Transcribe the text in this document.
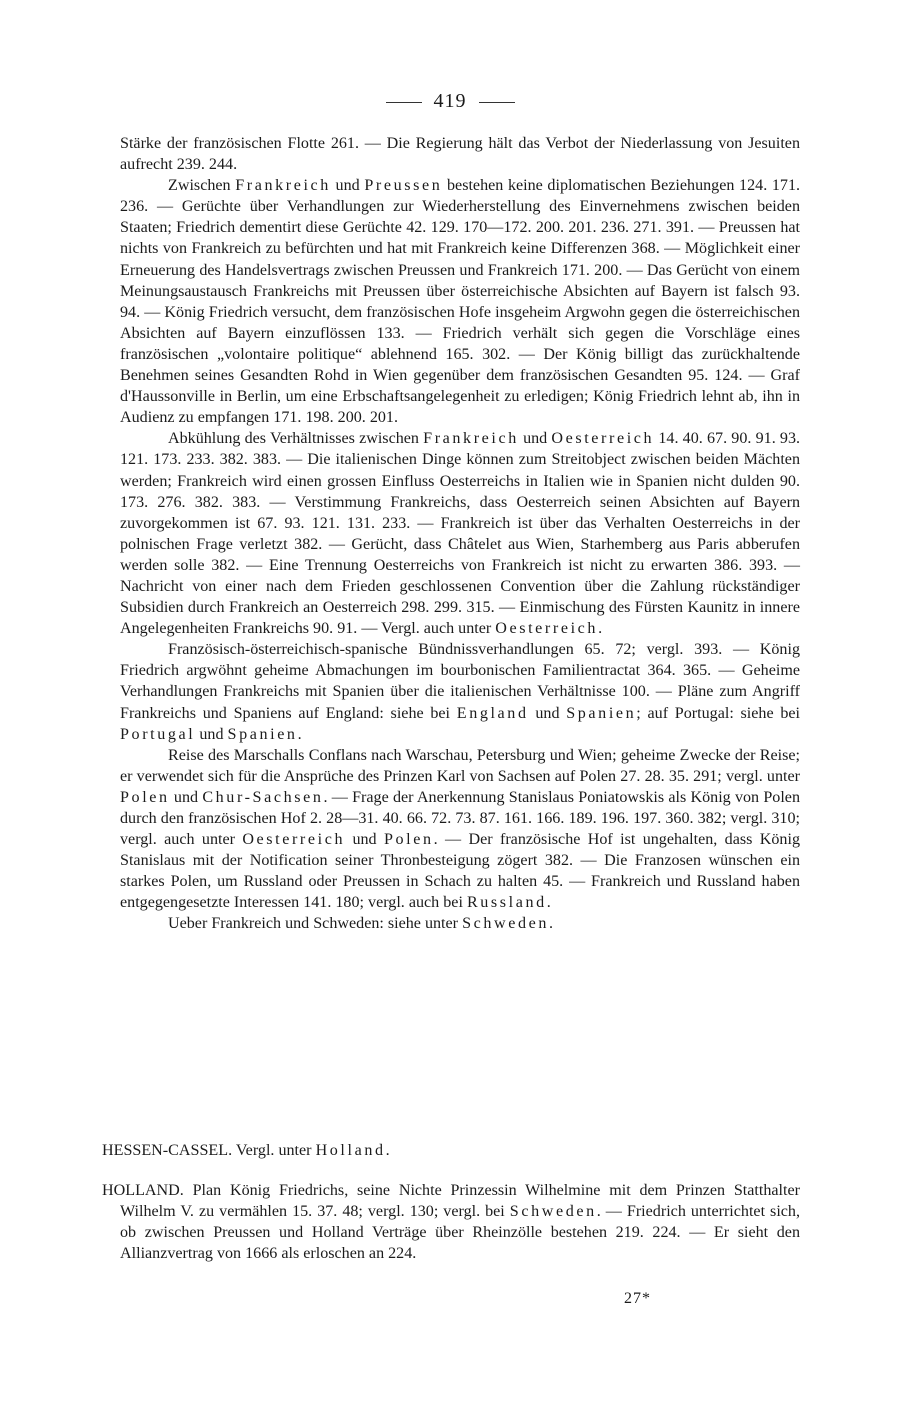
419

Stärke der französischen Flotte 261. — Die Regierung hält das Verbot der Niederlassung von Jesuiten aufrecht 239. 244.

Zwischen Frankreich und Preussen bestehen keine diplomatischen Beziehungen 124. 171. 236. — Gerüchte über Verhandlungen zur Wiederherstellung des Einvernehmens zwischen beiden Staaten; Friedrich dementirt diese Gerüchte 42. 129. 170—172. 200. 201. 236. 271. 391. — Preussen hat nichts von Frankreich zu befürchten und hat mit Frankreich keine Differenzen 368. — Möglichkeit einer Erneuerung des Handelsvertrags zwischen Preussen und Frankreich 171. 200. — Das Gerücht von einem Meinungsaustausch Frankreichs mit Preussen über österreichische Absichten auf Bayern ist falsch 93. 94. — König Friedrich versucht, dem französischen Hofe insgeheim Argwohn gegen die österreichischen Absichten auf Bayern einzuflössen 133. — Friedrich verhält sich gegen die Vorschläge eines französischen „volontaire politique“ ablehnend 165. 302. — Der König billigt das zurückhaltende Benehmen seines Gesandten Rohd in Wien gegenüber dem französischen Gesandten 95. 124. — Graf d'Haussonville in Berlin, um eine Erbschaftsangelegenheit zu erledigen; König Friedrich lehnt ab, ihn in Audienz zu empfangen 171. 198. 200. 201.

Abkühlung des Verhältnisses zwischen Frankreich und Oesterreich 14. 40. 67. 90. 91. 93. 121. 173. 233. 382. 383. — Die italienischen Dinge können zum Streitobject zwischen beiden Mächten werden; Frankreich wird einen grossen Einfluss Oesterreichs in Italien wie in Spanien nicht dulden 90. 173. 276. 382. 383. — Verstimmung Frankreichs, dass Oesterreich seinen Absichten auf Bayern zuvorgekommen ist 67. 93. 121. 131. 233. — Frankreich ist über das Verhalten Oesterreichs in der polnischen Frage verletzt 382. — Gerücht, dass Châtelet aus Wien, Starhemberg aus Paris abberufen werden solle 382. — Eine Trennung Oesterreichs von Frankreich ist nicht zu erwarten 386. 393. — Nachricht von einer nach dem Frieden geschlossenen Convention über die Zahlung rückständiger Subsidien durch Frankreich an Oesterreich 298. 299. 315. — Einmischung des Fürsten Kaunitz in innere Angelegenheiten Frankreichs 90. 91. — Vergl. auch unter Oesterreich.

Französisch-österreichisch-spanische Bündnissverhandlungen 65. 72; vergl. 393. — König Friedrich argwöhnt geheime Abmachungen im bourbonischen Familientractat 364. 365. — Geheime Verhandlungen Frankreichs mit Spanien über die italienischen Verhältnisse 100. — Pläne zum Angriff Frankreichs und Spaniens auf England: siehe bei England und Spanien; auf Portugal: siehe bei Portugal und Spanien.

Reise des Marschalls Conflans nach Warschau, Petersburg und Wien; geheime Zwecke der Reise; er verwendet sich für die Ansprüche des Prinzen Karl von Sachsen auf Polen 27. 28. 35. 291; vergl. unter Polen und Chur-Sachsen. — Frage der Anerkennung Stanislaus Poniatowskis als König von Polen durch den französischen Hof 2. 28—31. 40. 66. 72. 73. 87. 161. 166. 189. 196. 197. 360. 382; vergl. 310; vergl. auch unter Oesterreich und Polen. — Der französische Hof ist ungehalten, dass König Stanislaus mit der Notification seiner Thronbesteigung zögert 382. — Die Franzosen wünschen ein starkes Polen, um Russland oder Preussen in Schach zu halten 45. — Frankreich und Russland haben entgegengesetzte Interessen 141. 180; vergl. auch bei Russland.

Ueber Frankreich und Schweden: siehe unter Schweden.

HESSEN-CASSEL. Vergl. unter Holland.

HOLLAND. Plan König Friedrichs, seine Nichte Prinzessin Wilhelmine mit dem Prinzen Statthalter Wilhelm V. zu vermählen 15. 37. 48; vergl. 130; vergl. bei Schweden. — Friedrich unterrichtet sich, ob zwischen Preussen und Holland Verträge über Rheinzölle bestehen 219. 224. — Er sieht den Allianzvertrag von 1666 als erloschen an 224.

27*
